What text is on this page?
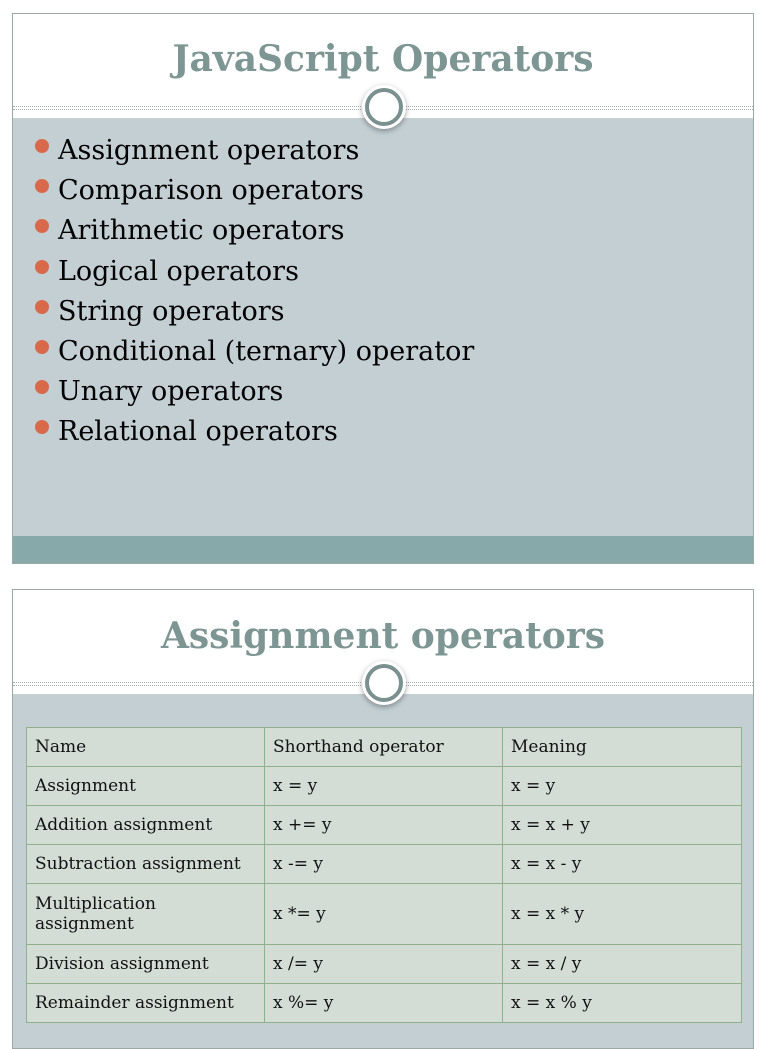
JavaScript Operators
Assignment operators
Comparison operators
Arithmetic operators
Logical operators
String operators
Conditional (ternary) operator
Unary operators
Relational operators
Assignment operators
Name	Shorthand operator	Meaning
Assignment	x = y	x = y
Addition assignment	x += y	x = x + y
Subtraction assignment	x -= y	x = x - y
Multiplication assignment	x *= y	x = x * y
Division assignment	x /= y	x = x / y
Remainder assignment	x %= y	x = x % y
